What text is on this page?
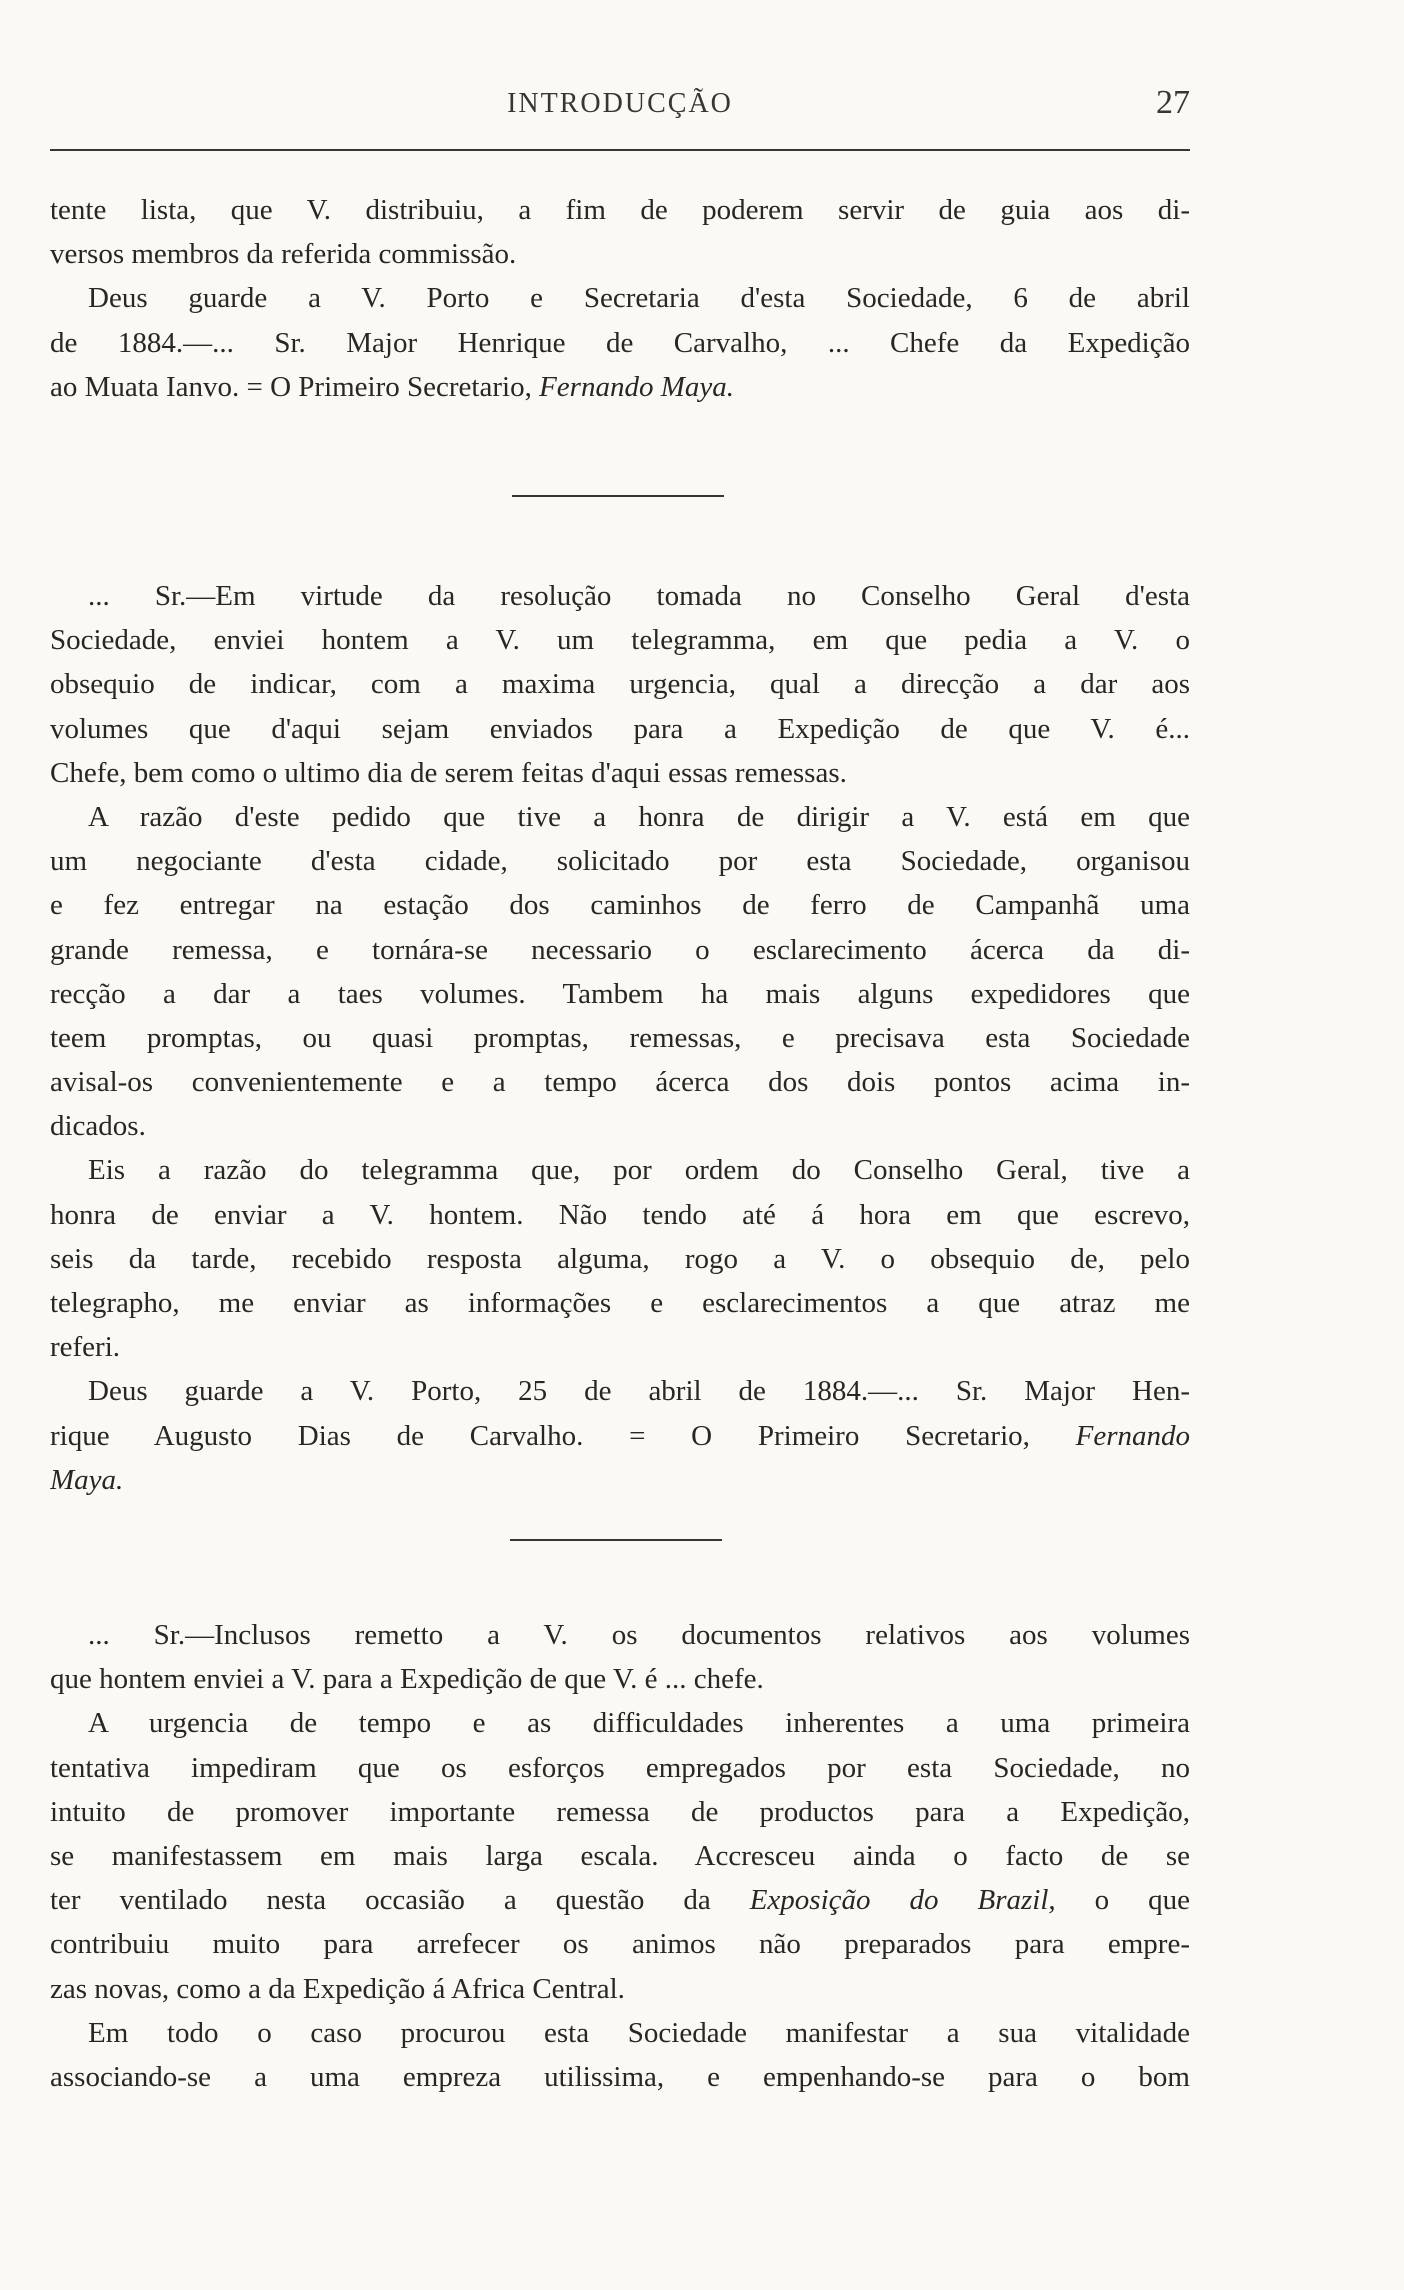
INTRODUCÇÃO	27
tente lista, que V. distribuiu, a fim de poderem servir de guia aos di-
versos membros da referida commissão.
Deus guarde a V. Porto e Secretaria d'esta Sociedade, 6 de abril
de 1884.—... Sr. Major Henrique de Carvalho, ... Chefe da Expedição
ao Muata Ianvo. = O Primeiro Secretario, Fernando Maya.
... Sr.—Em virtude da resolução tomada no Conselho Geral d'esta
Sociedade, enviei hontem a V. um telegramma, em que pedia a V. o
obsequio de indicar, com a maxima urgencia, qual a direcção a dar aos
volumes que d'aqui sejam enviados para a Expedição de que V. é...
Chefe, bem como o ultimo dia de serem feitas d'aqui essas remessas.
A razão d'este pedido que tive a honra de dirigir a V. está em que
um negociante d'esta cidade, solicitado por esta Sociedade, organisou
e fez entregar na estação dos caminhos de ferro de Campanhã uma
grande remessa, e tornára-se necessario o esclarecimento ácerca da di-
recção a dar a taes volumes. Tambem ha mais alguns expedidores que
teem promptas, ou quasi promptas, remessas, e precisava esta Sociedade
avisal-os convenientemente e a tempo ácerca dos dois pontos acima in-
dicados.
Eis a razão do telegramma que, por ordem do Conselho Geral, tive a
honra de enviar a V. hontem. Não tendo até á hora em que escrevo,
seis da tarde, recebido resposta alguma, rogo a V. o obsequio de, pelo
telegrapho, me enviar as informações e esclarecimentos a que atraz me
referi.
Deus guarde a V. Porto, 25 de abril de 1884.—... Sr. Major Hen-
rique Augusto Dias de Carvalho. = O Primeiro Secretario, Fernando
Maya.
... Sr.—Inclusos remetto a V. os documentos relativos aos volumes
que hontem enviei a V. para a Expedição de que V. é ... chefe.
A urgencia de tempo e as difficuldades inherentes a uma primeira
tentativa impediram que os esforços empregados por esta Sociedade, no
intuito de promover importante remessa de productos para a Expedição,
se manifestassem em mais larga escala. Accresceu ainda o facto de se
ter ventilado nesta occasião a questão da Exposição do Brazil, o que
contribuiu muito para arrefecer os animos não preparados para empre-
zas novas, como a da Expedição á Africa Central.
Em todo o caso procurou esta Sociedade manifestar a sua vitalidade
associando-se a uma empreza utilissima, e empenhando-se para o bom
